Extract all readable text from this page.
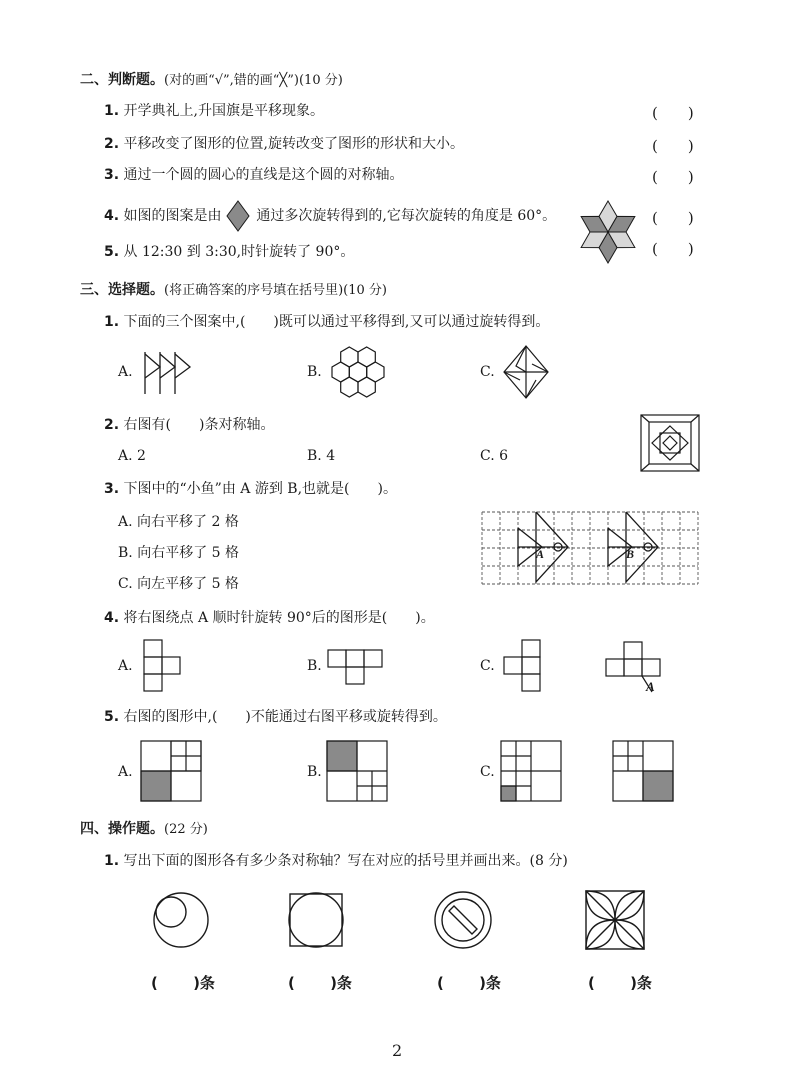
二、判断题。(对的画“√”,错的画“╳”)(10 分)
1. 开学典礼上,升国旗是平移现象。	(　　)
2. 平移改变了图形的位置,旋转改变了图形的形状和大小。	(　　)
3. 通过一个圆的圆心的直线是这个圆的对称轴。	(　　)
4. 如图的图案是由 通过多次旋转得到的,它每次旋转的角度是 60°。	(　　)
5. 从 12:30 到 3:30,时针旋转了 90°。	(　　)
三、选择题。(将正确答案的序号填在括号里)(10 分)
1. 下面的三个图案中,(　　)既可以通过平移得到,又可以通过旋转得到。
A.	B.	C.
2. 右图有(　　)条对称轴。
A. 2	B. 4	C. 6
3. 下图中的“小鱼”由 A 游到 B,也就是(　　)。
A. 向右平移了 2 格
B. 向右平移了 5 格
C. 向左平移了 5 格
A	B
4. 将右图绕点 A 顺时针旋转 90°后的图形是(　　)。
A.	B.	C.
A
5. 右图的图形中,(　　)不能通过右图平移或旋转得到。
A.	B.	C.
四、操作题。(22 分)
1. 写出下面的图形各有多少条对称轴？写在对应的括号里并画出来。(8 分)
(　　 )条	(　　 )条	(　　 )条	(　　 )条
2
